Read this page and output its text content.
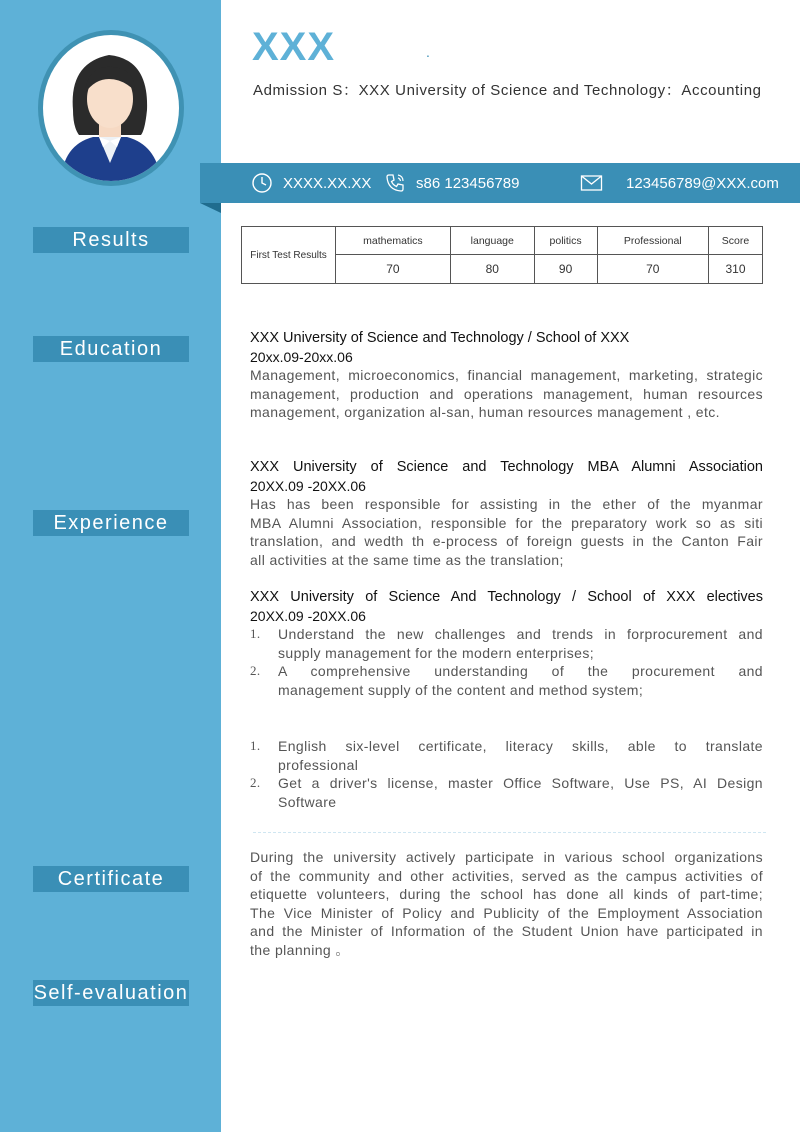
Results
Education
Experience
Certificate
Self-evaluation
XXX	.
Admission S：XXX University of Science and Technology：Accounting
XXXX.XX.XX	s86 123456789	123456789@XXX.com
First Test Results	mathematics	language	politics	Professional	Score
	70	80	90	70	310
XXX University of Science and Technology / School of XXX
20xx.09-20xx.06
Management, microeconomics, financial management, marketing, strategic
management, production and operations management, human resources
management, organization al-san, human resources management , etc.
XXX University of Science and Technology MBA Alumni Association
20XX.09 -20XX.06
Has has been responsible for assisting in the ether of the myanmar
MBA Alumni Association, responsible for the preparatory work so as siti
translation, and wedth th e-process of foreign guests in the Canton Fair
all activities at the same time as the translation;
XXX University of Science And Technology / School of XXX electives
20XX.09 -20XX.06
1. Understand the new challenges and trends in forprocurement and
supply management for the modern enterprises;
2. A comprehensive understanding of the procurement and
management supply of the content and method system;
1. English six-level certificate, literacy skills, able to translate
professional
2. Get a driver's license, master Office Software, Use PS, AI Design
Software
During the university actively participate in various school organizations
of the community and other activities, served as the campus activities of
etiquette volunteers, during the school has done all kinds of part-time;
The Vice Minister of Policy and Publicity of the Employment Association
and the Minister of Information of the Student Union have participated in
the planning 。
